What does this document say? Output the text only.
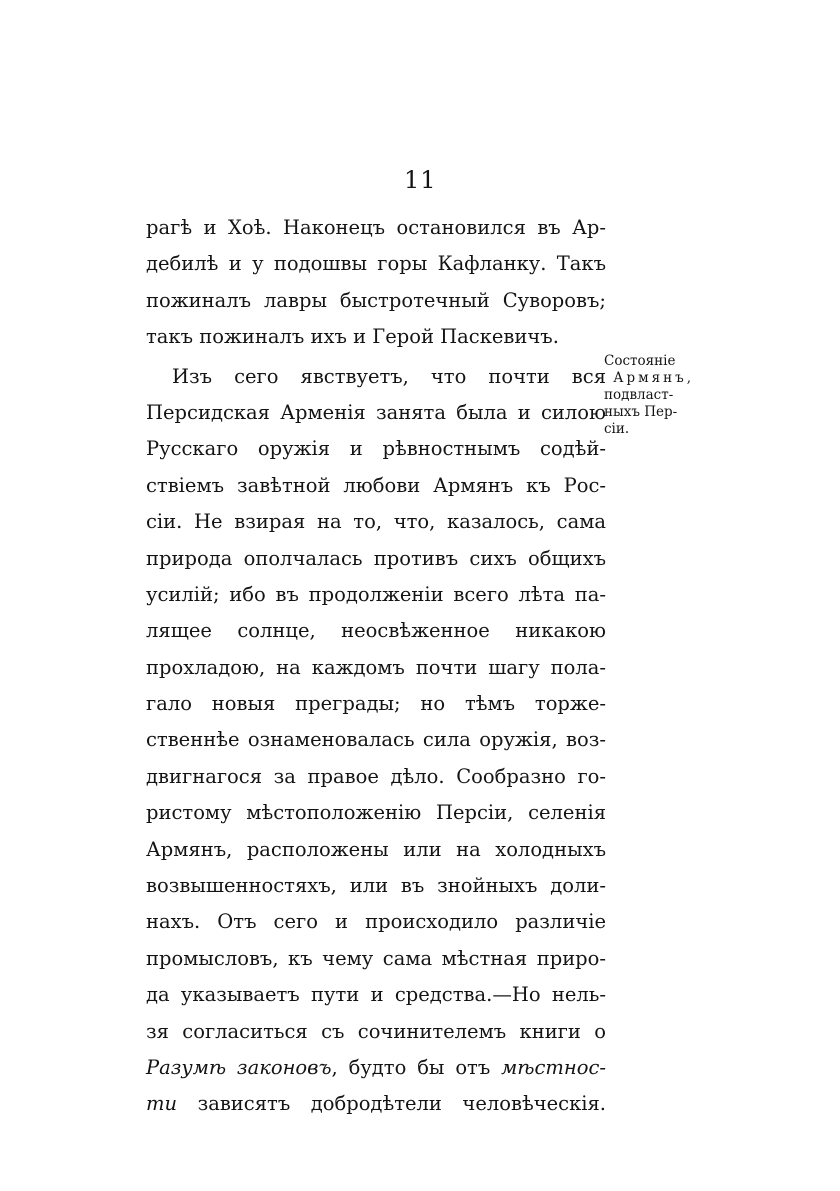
11
Состояніе
Армянъ,
подвласт-
ныхъ Пер-
сіи.
рагѣ и Хоѣ. Наконецъ остановился въ Ар-
дебилѣ и у подошвы горы Кафланку. Такъ
пожиналъ лавры быстротечный Суворовъ;
такъ пожиналъ ихъ и Герой Паскевичъ.
Изъ сего явствуетъ, что почти вся
Персидская Арменія занята была и силою
Русскаго оружія и рѣвностнымъ содѣй-
ствіемъ завѣтной любови Армянъ къ Рос-
сіи. Не взирая на то, что, казалось, сама
природа ополчалась противъ сихъ общихъ
усилій; ибо въ продолженіи всего лѣта па-
лящее солнце, неосвѣженное никакою
прохладою, на каждомъ почти шагу пола-
гало новыя преграды; но тѣмъ торже-
ственнѣе ознаменовалась сила оружія, воз-
двигнагося за правое дѣло. Сообразно го-
ристому мѣстоположенію Персіи, селенія
Армянъ, расположены или на холодныхъ
возвышенностяхъ, или въ знойныхъ доли-
нахъ. Отъ сего и происходило различіе
промысловъ, къ чему сама мѣстная приро-
да указываетъ пути и средства.—Но нель-
зя согласиться съ сочинителемъ книги о
Разумѣ законовъ, будто бы отъ мѣстнос-
ти зависятъ добродѣтели человѣческія.
